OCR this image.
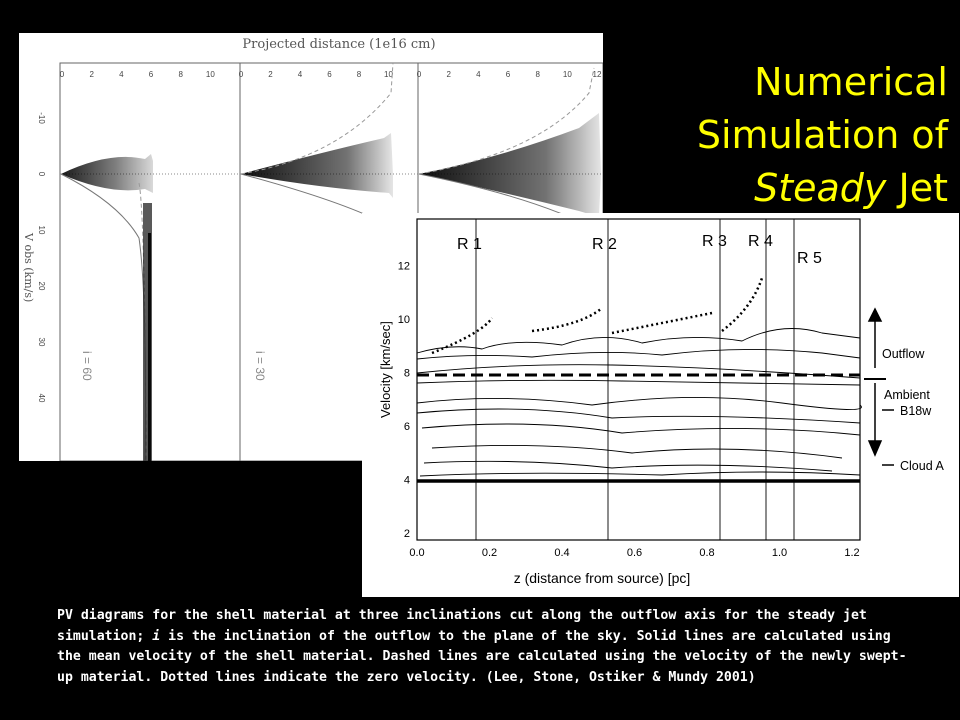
Projected distance (1e16 cm)
0	2	4	6	8	10	0	2	4	6	8	10	0	2	4	6	8	10	12
-10
0
10
20
30
40
V obs (km/s)
i = 60	i = 30
R 1	R 2	R 3 R 4
R 5
2
4
6
8
10
12
0.0	0.2	0.4	0.6	0.8	1.0	1.2
Velocity [km/sec]
z (distance from source) [pc]
Outflow
Ambient
B18w
Cloud A
Numerical
Simulation of
Steady Jet
PV diagrams for the shell material at three inclinations cut along the outflow axis for the steady jet simulation; i is the inclination of the outflow to the plane of the sky. Solid lines are calculated using the mean velocity of the shell material. Dashed lines are calculated using the velocity of the newly swept-up material. Dotted lines indicate the zero velocity. (Lee, Stone, Ostiker & Mundy 2001)
